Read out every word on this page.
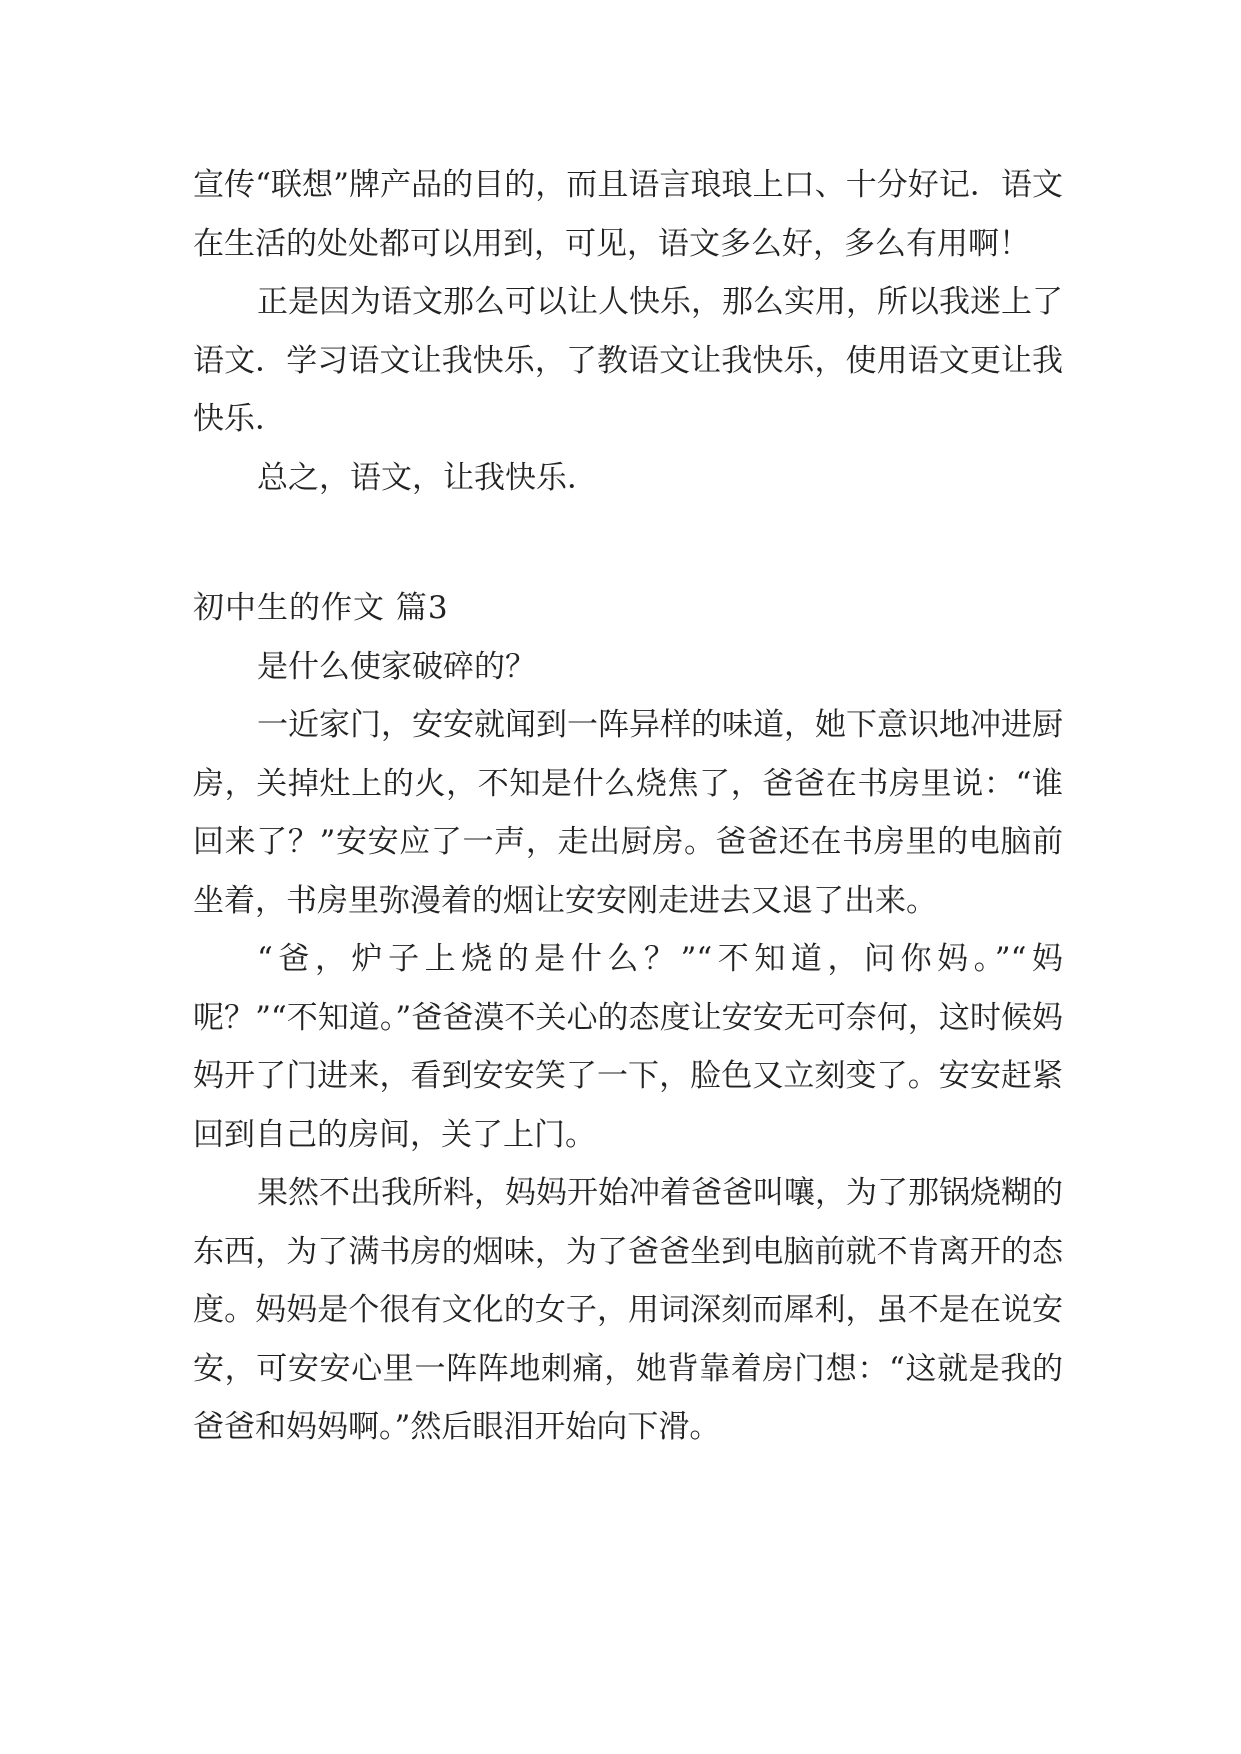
宣传“联想”牌产品的目的，而且语言琅琅上口、十分好记．语文在生活的处处都可以用到，可见，语文多么好，多么有用啊！

正是因为语文那么可以让人快乐，那么实用，所以我迷上了语文．学习语文让我快乐，了教语文让我快乐，使用语文更让我快乐．

总之，语文，让我快乐．

初中生的作文 篇3

是什么使家破碎的？

一近家门，安安就闻到一阵异样的味道，她下意识地冲进厨房，关掉灶上的火，不知是什么烧焦了，爸爸在书房里说：“谁回来了？”安安应了一声，走出厨房。爸爸还在书房里的电脑前坐着，书房里弥漫着的烟让安安刚走进去又退了出来。

“爸，炉子上烧的是什么？”“不知道，问你妈。”“妈呢？”“不知道。”爸爸漠不关心的态度让安安无可奈何，这时候妈妈开了门进来，看到安安笑了一下，脸色又立刻变了。安安赶紧回到自己的房间，关了上门。

果然不出我所料，妈妈开始冲着爸爸叫嚷，为了那锅烧糊的东西，为了满书房的烟味，为了爸爸坐到电脑前就不肯离开的态度。妈妈是个很有文化的女子，用词深刻而犀利，虽不是在说安安，可安安心里一阵阵地刺痛，她背靠着房门想：“这就是我的爸爸和妈妈啊。”然后眼泪开始向下滑。
